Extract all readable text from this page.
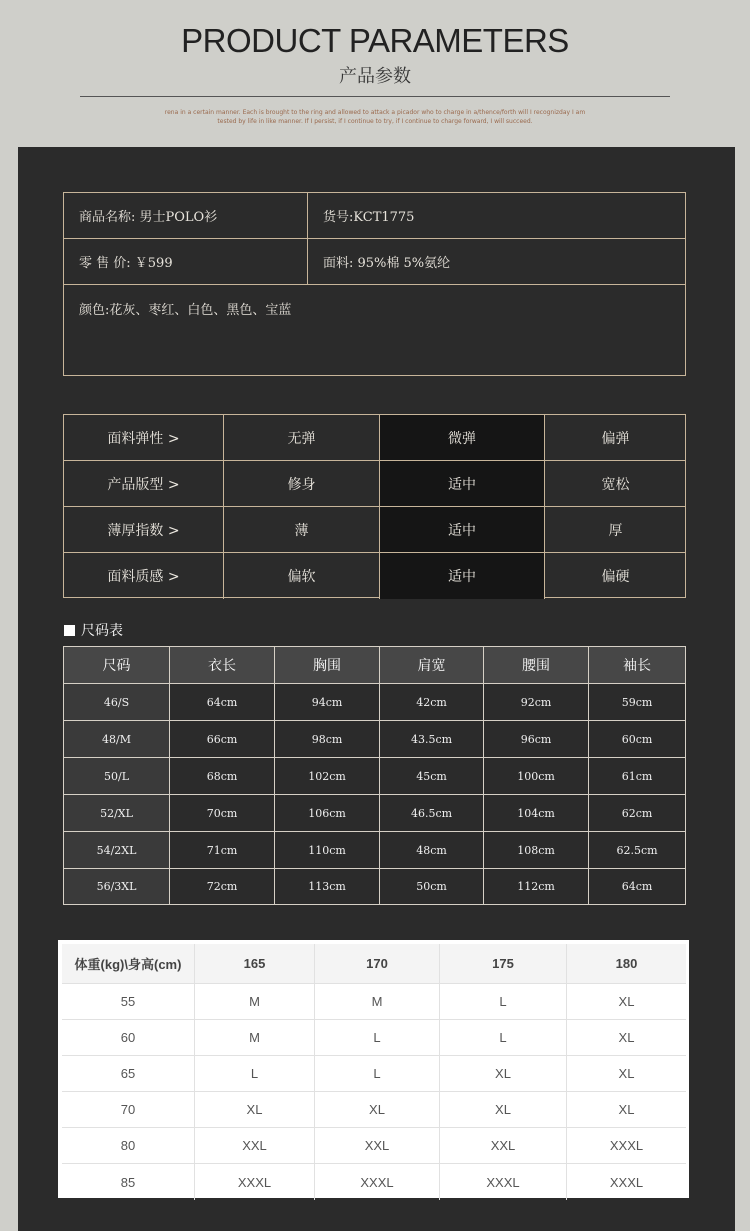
PRODUCT PARAMETERS
产品参数
rena in a certain manner. Each is brought to the ring and allowed to attack a picador who to charge in a/thence/forth will I recognizday I am
tested by life in like manner. If I persist, if I continue to try, if I continue to charge forward, I will succeed.
商品名称: 男士POLO衫	货号:KCT1775
零 售 价: ￥599	面料: 95%棉 5%氨纶
颜色:花灰、枣红、白色、黑色、宝蓝
面料弹性 >	无弹	微弹	偏弹
产品版型 >	修身	适中	宽松
薄厚指数 >	薄	适中	厚
面料质感 >	偏软	适中	偏硬
尺码表
尺码	衣长	胸围	肩宽	腰围	袖长
46/S	64cm	94cm	42cm	92cm	59cm
48/M	66cm	98cm	43.5cm	96cm	60cm
50/L	68cm	102cm	45cm	100cm	61cm
52/XL	70cm	106cm	46.5cm	104cm	62cm
54/2XL	71cm	110cm	48cm	108cm	62.5cm
56/3XL	72cm	113cm	50cm	112cm	64cm
体重(kg)\身高(cm)	165	170	175	180
55	M	M	L	XL
60	M	L	L	XL
65	L	L	XL	XL
70	XL	XL	XL	XL
80	XXL	XXL	XXL	XXXL
85	XXXL	XXXL	XXXL	XXXL
